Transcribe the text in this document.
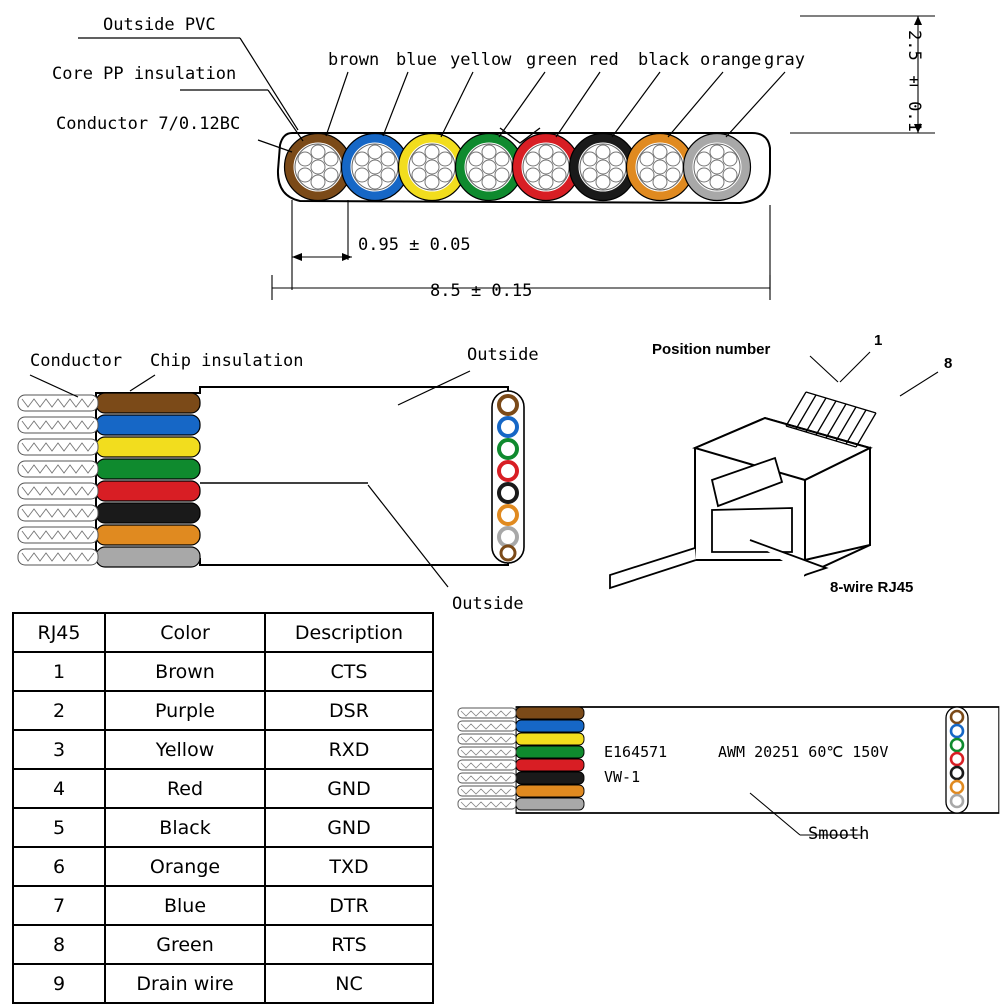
Outside PVC
Core PP insulation
Conductor 7/0.12BC
brown blue yellow green red black orange gray	2.5 ± 0.1
0.95 ± 0.05
8.5 ± 0.15
Conductor Chip insulation	Outside
Outside
Position number
1
8
8-wire RJ45
E164571	AWM 20251 60℃ 150V
VW-1
Smooth
RJ45	Color	Description
1	Brown	CTS
2	Purple	DSR
3	Yellow	RXD
4	Red	GND
5	Black	GND
6	Orange	TXD
7	Blue	DTR
8	Green	RTS
9	Drain wire	NC
